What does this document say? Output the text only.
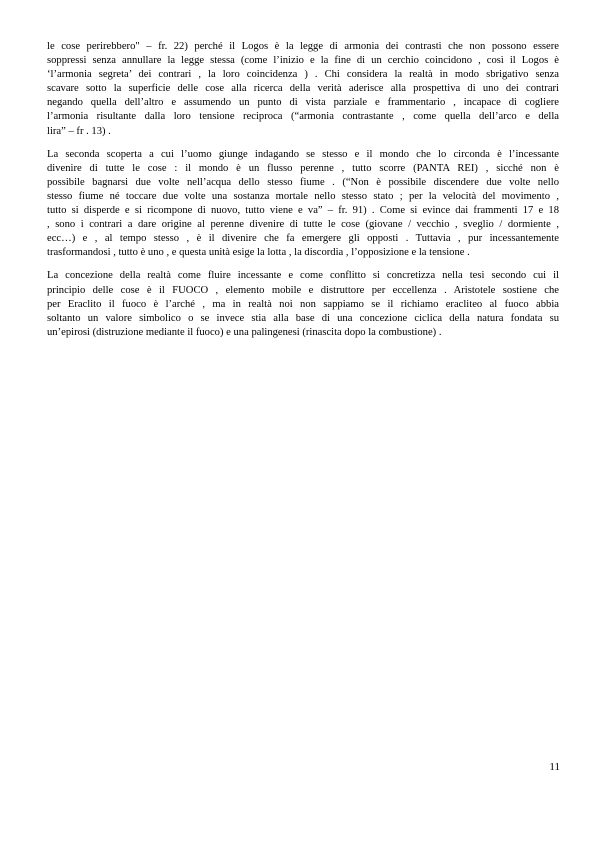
le cose perirebbero" – fr. 22) perché il Logos è la legge di armonia dei contrasti che non possono essere
soppressi senza annullare la legge stessa (come l’inizio e la fine di un cerchio coincidono , così il Logos è
‘l’armonia segreta’ dei contrari , la loro coincidenza ) . Chi considera la realtà in modo sbrigativo senza
scavare sotto la superficie delle cose alla ricerca della verità aderisce alla prospettiva di uno dei contrari
negando quella dell’altro e assumendo un punto di vista parziale e frammentario , incapace di cogliere
l’armonia risultante dalla loro tensione reciproca (“armonia contrastante , come quella dell’arco e della
lira” – fr . 13) .

La seconda scoperta a cui l’uomo giunge indagando se stesso e il mondo che lo circonda è l’incessante
divenire di tutte le cose : il mondo è un flusso perenne , tutto scorre (PANTA REI) , sicché non è
possibile bagnarsi due volte nell’acqua dello stesso fiume . (“Non è possibile discendere due volte nello
stesso fiume né toccare due volte una sostanza mortale nello stesso stato ; per la velocità del movimento ,
tutto si disperde e si ricompone di nuovo, tutto viene e va” – fr. 91) . Come si evince dai frammenti 17 e 18
, sono i contrari a dare origine al perenne divenire di tutte le cose (giovane / vecchio , sveglio / dormiente ,
ecc…) e , al tempo stesso , è il divenire che fa emergere gli opposti . Tuttavia , pur incessantemente
trasformandosi , tutto è uno , e questa unità esige la lotta , la discordia , l’opposizione e la tensione .

La concezione della realtà come fluire incessante e come conflitto si concretizza nella tesi secondo cui il
principio delle cose è il FUOCO , elemento mobile e distruttore per eccellenza . Aristotele sostiene che
per Eraclito il fuoco è l’arché , ma in realtà noi non sappiamo se il richiamo eracliteo al fuoco abbia
soltanto un valore simbolico o se invece stia alla base di una concezione ciclica della natura fondata su
un’epirosi (distruzione mediante il fuoco) e una palingenesi (rinascita dopo la combustione) .

11
